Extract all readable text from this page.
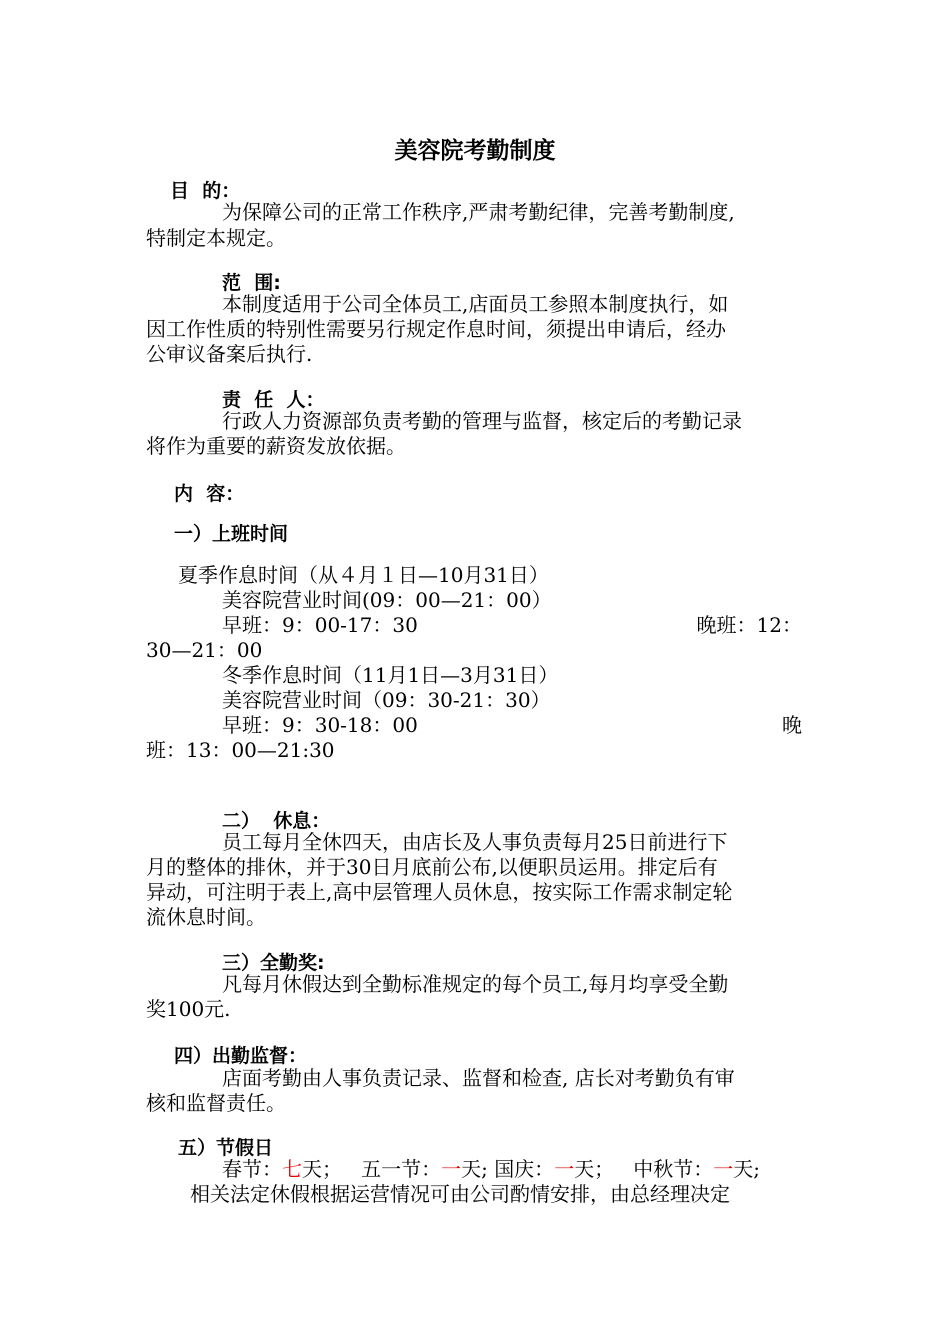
美容院考勤制度
目  的：
为保障公司的正常工作秩序,严肃考勤纪律，完善考勤制度,
特制定本规定。
范  围:
本制度适用于公司全体员工,店面员工参照本制度执行，如
因工作性质的特别性需要另行规定作息时间，须提出申请后，经办
公审议备案后执行.
责  任  人：
行政人力资源部负责考勤的管理与监督，核定后的考勤记录
将作为重要的薪资发放依据。
内  容：
一）上班时间
夏季作息时间（从４月１日—10月31日）
美容院营业时间(09：00—21：00）
早班：9：00-17：30	晚班：12：
30—21：00
冬季作息时间（11月1日—3月31日）
美容院营业时间（09：30-21：30）
早班：9：30-18：00	晚
班：13：00—21:30
二）  休息：
员工每月全休四天，由店长及人事负责每月25日前进行下
月的整体的排休，并于30日月底前公布,以便职员运用。排定后有
异动，可注明于表上,高中层管理人员休息，按实际工作需求制定轮
流休息时间。
三）全勤奖:
凡每月休假达到全勤标准规定的每个员工,每月均享受全勤
奖100元.
四）出勤监督：
店面考勤由人事负责记录、监督和检查, 店长对考勤负有审
核和监督责任。
五）节假日
春节：七天； 五一节：一天; 国庆：一天； 中秋节：一天;
相关法定休假根据运营情况可由公司酌情安排，由总经理决定
